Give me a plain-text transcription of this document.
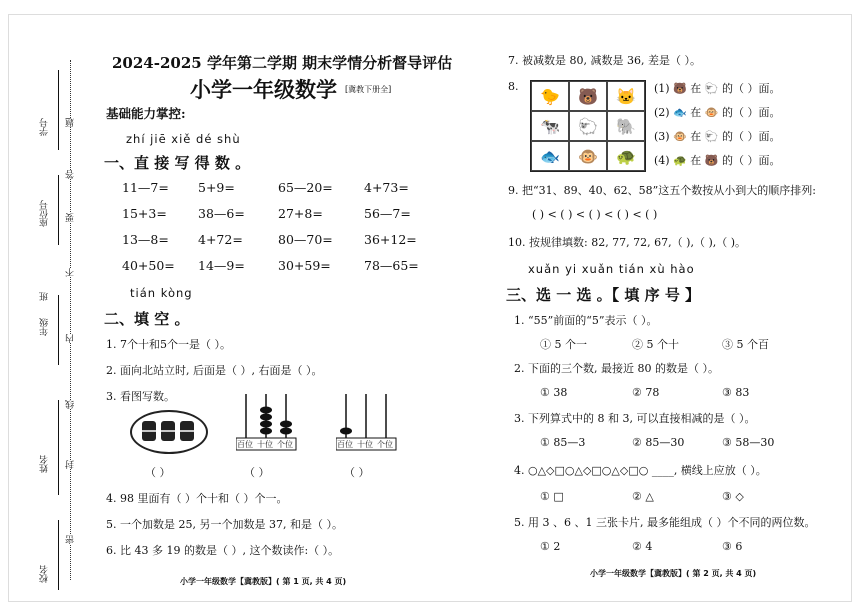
学号
座位号
班
年级
姓名
校名
题
答
要
不
内
线
封
密
2024-2025 学年第二学期 期末学情分析督导评估
小学一年级数学 [冀教下册全]
基础能力掌控:
zhí jiē xiě dé shù
一、直 接 写 得 数 。
11—7= 5+9=	65—20= 4+73=
15+3= 38—6=	27+8=	56—7=
13—8= 4+72=	80—70= 36+12=
40+50= 14—9=	30+59=	78—65=
tián kòng
二、填 空 。
1. 7个十和5个一是（ ）。
2. 面向北站立时, 后面是（ ）, 右面是（ ）。
3. 看图写数。
百位 十位 个位	百位 十位 个位
（ ）	（ ）	（ ）
4. 98 里面有（ ）个十和（ ）个一。
5. 一个加数是 25, 另一个加数是 37, 和是（ ）。
6. 比 43 多 19 的数是（ ）, 这个数读作:（ ）。
小学一年级数学【冀教版】( 第 1 页, 共 4 页)
7. 被减数是 80, 减数是 36, 差是（ ）。
8.	🐤	🐻	🐱
🐄	🐑	🐘
🐟	🐵	🐢
(1) 🐻 在 🐑 的（ ）面。
(2) 🐟 在 🐵 的（ ）面。
(3) 🐵 在 🐑 的（ ）面。
(4) 🐢 在 🐻 的（ ）面。
9. 把“31、89、40、62、58”这五个数按从小到大的顺序排列:
( ) < ( ) < ( ) < ( ) < ( )
10. 按规律填数: 82, 77, 72, 67,（ ),（ ),（ )。
xuǎn yi xuǎn tián xù hào
三、选 一 选 。【 填 序 号 】
1. “55”前面的“5”表示（ ）。
① 5 个一	② 5 个十	③ 5 个百
2. 下面的三个数, 最接近 80 的数是（ ）。
① 38	② 78	③ 83
3. 下列算式中的 8 和 3, 可以直接相减的是（ ）。
① 85—3	② 85—30	③ 58—30
4. ○△◇□○△◇□○△◇□○ ____, 横线上应放（ ）。
① □	② △	③ ◇
5. 用 3 、6 、1 三张卡片, 最多能组成（ ）个不同的两位数。
① 2	② 4	③ 6
小学一年级数学【冀教版】( 第 2 页, 共 4 页)
